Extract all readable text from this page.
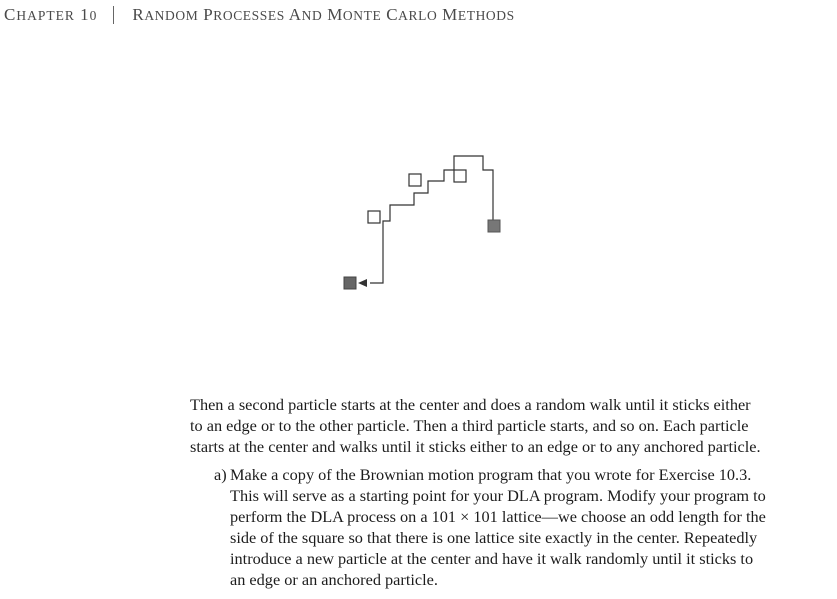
CHAPTER 10 RANDOM PROCESSES AND MONTE CARLO METHODS

Then a second particle starts at the center and does a random walk until it sticks either
to an edge or to the other particle. Then a third particle starts, and so on. Each particle
starts at the center and walks until it sticks either to an edge or to any anchored particle.

a) Make a copy of the Brownian motion program that you wrote for Exercise 10.3.
This will serve as a starting point for your DLA program. Modify your program to
perform the DLA process on a 101 × 101 lattice—we choose an odd length for the
side of the square so that there is one lattice site exactly in the center. Repeatedly
introduce a new particle at the center and have it walk randomly until it sticks to
an edge or an anchored particle.
